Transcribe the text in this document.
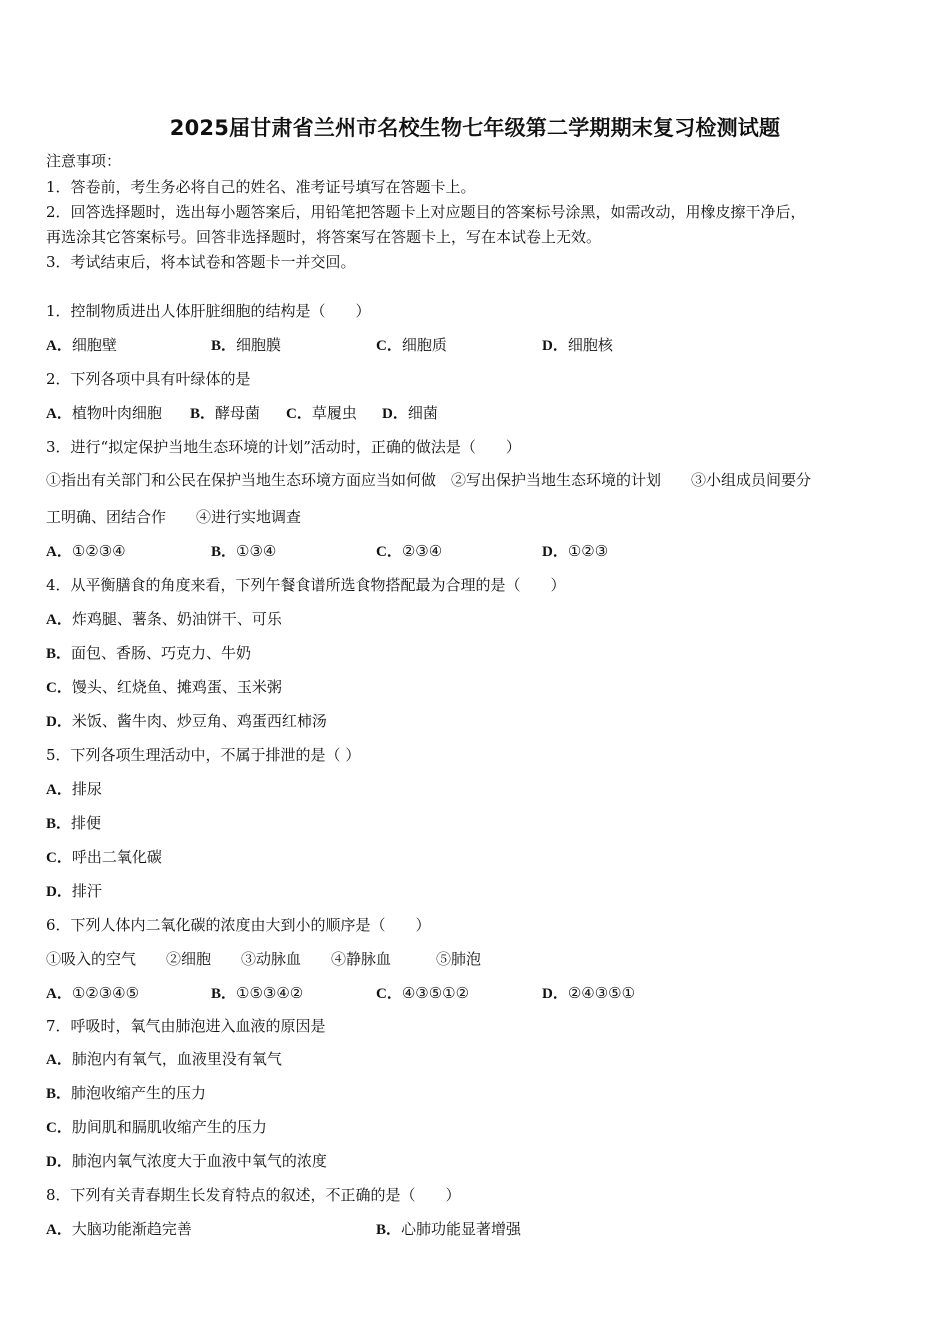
2025届甘肃省兰州市名校生物七年级第二学期期末复习检测试题
注意事项：
1．答卷前，考生务必将自己的姓名、准考证号填写在答题卡上。
2．回答选择题时，选出每小题答案后，用铅笔把答题卡上对应题目的答案标号涂黑，如需改动，用橡皮擦干净后，
再选涂其它答案标号。回答非选择题时，将答案写在答题卡上，写在本试卷上无效。
3．考试结束后，将本试卷和答题卡一并交回。
1．控制物质进出人体肝脏细胞的结构是（　　）
A．细胞壁	B．细胞膜	C．细胞质	D．细胞核
2．下列各项中具有叶绿体的是
A．植物叶肉细胞 B．酵母菌 C．草履虫 D．细菌
3．进行“拟定保护当地生态环境的计划”活动时，正确的做法是（　　）
①指出有关部门和公民在保护当地生态环境方面应当如何做　②写出保护当地生态环境的计划　　③小组成员间要分
工明确、团结合作　　④进行实地调查
A．①②③④	B．①③④	C．②③④	D．①②③
4．从平衡膳食的角度来看，下列午餐食谱所选食物搭配最为合理的是（　　）
A．炸鸡腿、薯条、奶油饼干、可乐
B．面包、香肠、巧克力、牛奶
C．馒头、红烧鱼、摊鸡蛋、玉米粥
D．米饭、酱牛肉、炒豆角、鸡蛋西红柿汤
5．下列各项生理活动中，不属于排泄的是（ ）
A．排尿
B．排便
C．呼出二氧化碳
D．排汗
6．下列人体内二氧化碳的浓度由大到小的顺序是（　　）
①吸入的空气　　②细胞　　③动脉血　　④静脉血　　　⑤肺泡
A．①②③④⑤	B．①⑤③④②	C．④③⑤①②	D．②④③⑤①
7．呼吸时，氧气由肺泡进入血液的原因是
A．肺泡内有氧气，血液里没有氧气
B．肺泡收缩产生的压力
C．肋间肌和膈肌收缩产生的压力
D．肺泡内氧气浓度大于血液中氧气的浓度
8．下列有关青春期生长发育特点的叙述，不正确的是（　　）
A．大脑功能渐趋完善	B．心肺功能显著增强
